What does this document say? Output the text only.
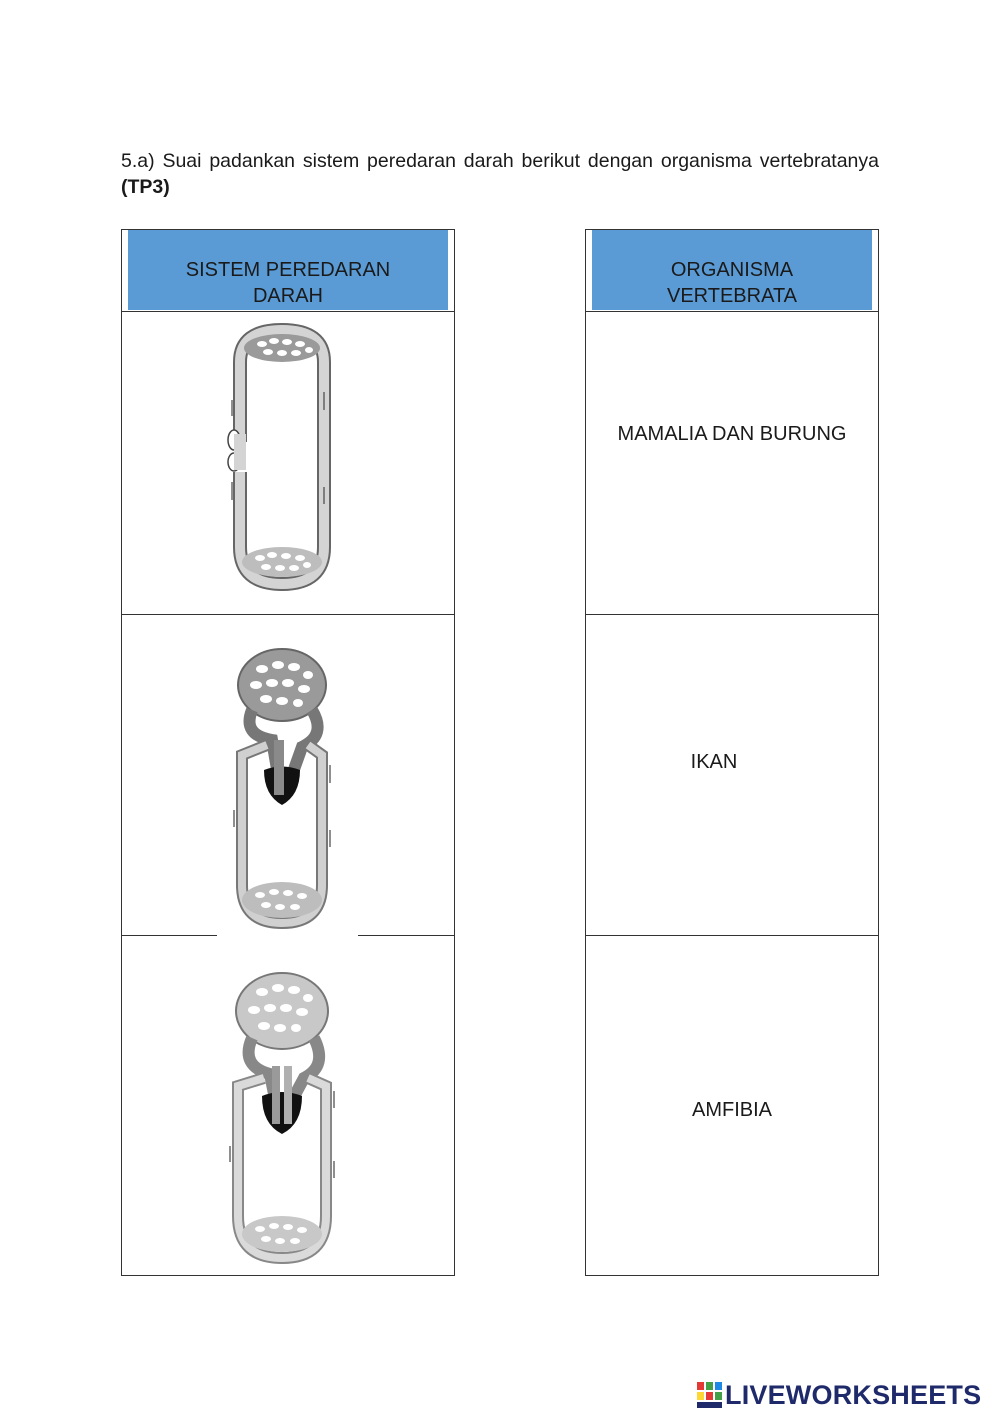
5.a) Suai padankan sistem peredaran darah berikut dengan organisma vertebratanya (TP3)
SISTEM PEREDARAN
DARAH
ORGANISMA
VERTEBRATA
MAMALIA DAN BURUNG
IKAN
AMFIBIA
LIVEWORKSHEETS
